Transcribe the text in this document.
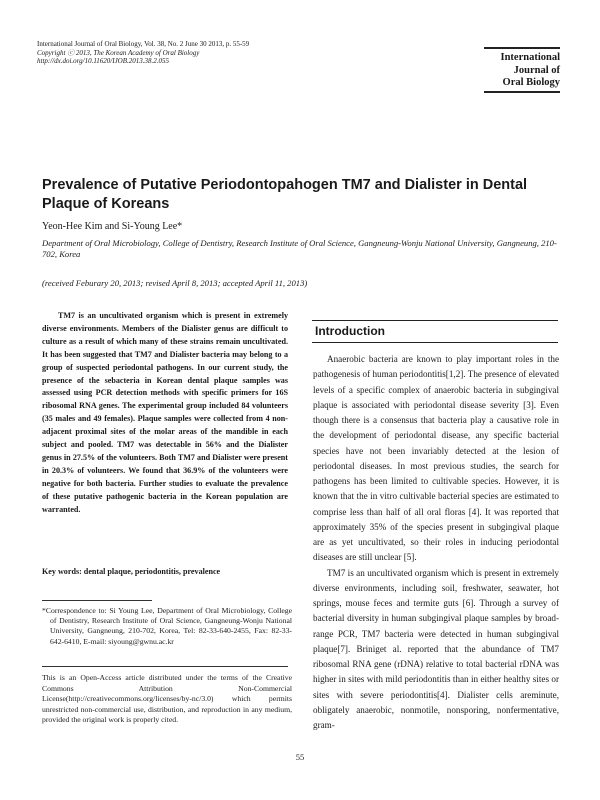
International Journal of Oral Biology, Vol. 38, No. 2 June 30 2013, p. 55-59
Copyright ⓒ 2013, The Korean Academy of Oral Biology
http://dx.doi.org/10.11620/IJOB.2013.38.2.055	International
Journal of
Oral Biology
Prevalence of Putative Periodontopahogen TM7 and Dialister in Dental
Plaque of Koreans
Yeon-Hee Kim and Si-Young Lee*
Department of Oral Microbiology, College of Dentistry, Research Institute of Oral Science, Gangneung-Wonju National University, Gangneung, 210-702, Korea
(received Feburary 20, 2013; revised April 8, 2013; accepted April 11, 2013)
TM7 is an uncultivated organism which is present in extremely diverse environments. Members of the Dialister genus are difficult to culture as a result of which many of these strains remain uncultivated. It has been suggested that TM7 and Dialister bacteria may belong to a group of suspected periodontal pathogens. In our current study, the presence of the sebacteria in Korean dental plaque samples was assessed using PCR detection methods with specific primers for 16S ribosomal RNA genes. The experimental group included 84 volunteers (35 males and 49 females). Plaque samples were collected from 4 non-adjacent proximal sites of the molar areas of the mandible in each subject and pooled. TM7 was detectable in 56% and the Dialister genus in 27.5% of the volunteers. Both TM7 and Dialister were present in 20.3% of volunteers. We found that 36.9% of the volunteers were negative for both bacteria. Further studies to evaluate the prevalence of these putative pathogenic bacteria in the Korean population are warranted.
Key words: dental plaque, periodontitis, prevalence

*Correspondence to: Si Young Lee, Department of Oral Microbiology, College of Dentistry, Research Institute of Oral Science, Gangneung-Wonju National University, Gangneung, 210-702, Korea, Tel: 82-33-640-2455, Fax: 82-33-642-6410, E-mail: siyoung@gwnu.ac.kr

This is an Open-Access article distributed under the terms of the Creative Commons Attribution Non-Commercial License(http://creativecommons.org/licenses/by-nc/3.0) which permits unrestricted non-commercial use, distribution, and reproduction in any medium, provided the original work is properly cited.
Introduction

Anaerobic bacteria are known to play important roles in the pathogenesis of human periodontitis[1,2]. The presence of elevated levels of a specific complex of anaerobic bacteria in subgingival plaque is associated with periodontal disease severity [3]. Even though there is a consensus that bacteria play a causative role in the development of periodontal disease, any specific bacterial species have not been invariably detected at the lesion of periodontal diseases. In most previous studies, the search for pathogens has been limited to cultivable species. However, it is known that the in vitro cultivable bacterial species are estimated to comprise less than half of all oral floras [4]. It was reported that approximately 35% of the species present in subgingival plaque are as yet uncultivated, so their roles in inducing periodontal diseases are still unclear [5].

TM7 is an uncultivated organism which is present in extremely diverse environments, including soil, freshwater, seawater, hot springs, mouse feces and termite guts [6]. Through a survey of bacterial diversity in human subgingival plaque samples by broad-range PCR, TM7 bacteria were detected in human subgingival plaque[7]. Briniget al. reported that the abundance of TM7 ribosomal RNA gene (rDNA) relative to total bacterial rDNA was higher in sites with mild periodontitis than in either healthy sites or sites with severe periodontitis[4]. Dialister cells areminute, obligately anaerobic, nonmotile, nonsporing, nonfermentative, gram-

55
